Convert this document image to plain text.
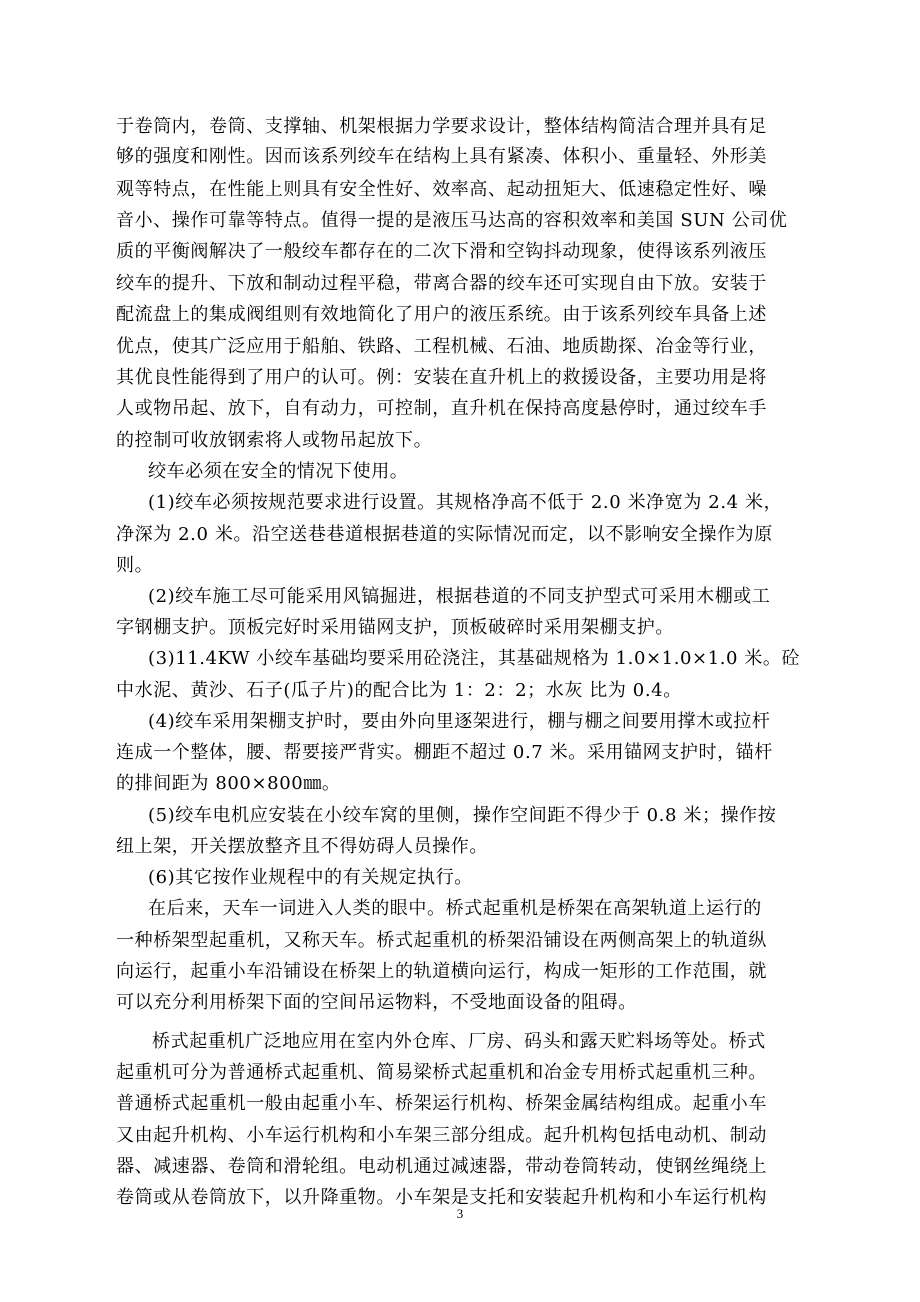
于卷筒内，卷筒、支撑轴、机架根据力学要求设计，整体结构简洁合理并具有足
够的强度和刚性。因而该系列绞车在结构上具有紧凑、体积小、重量轻、外形美
观等特点，在性能上则具有安全性好、效率高、起动扭矩大、低速稳定性好、噪
音小、操作可靠等特点。值得一提的是液压马达高的容积效率和美国 SUN 公司优
质的平衡阀解决了一般绞车都存在的二次下滑和空钩抖动现象，使得该系列液压
绞车的提升、下放和制动过程平稳，带离合器的绞车还可实现自由下放。安装于
配流盘上的集成阀组则有效地简化了用户的液压系统。由于该系列绞车具备上述
优点，使其广泛应用于船舶、铁路、工程机械、石油、地质勘探、冶金等行业，
其优良性能得到了用户的认可。例：安装在直升机上的救援设备，主要功用是将
人或物吊起、放下，自有动力，可控制，直升机在保持高度悬停时，通过绞车手
的控制可收放钢索将人或物吊起放下。
绞车必须在安全的情况下使用。
(1)绞车必须按规范要求进行设置。其规格净高不低于 2.0 米净宽为 2.4 米，
净深为 2.0 米。沿空送巷巷道根据巷道的实际情况而定，以不影响安全操作为原
则。
(2)绞车施工尽可能采用风镐掘进，根据巷道的不同支护型式可采用木棚或工
字钢棚支护。顶板完好时采用锚网支护，顶板破碎时采用架棚支护。
(3)11.4KW 小绞车基础均要采用砼浇注，其基础规格为 1.0×1.0×1.0 米。砼
中水泥、黄沙、石子(瓜子片)的配合比为 1：2：2；水灰 比为 0.4。
(4)绞车采用架棚支护时，要由外向里逐架进行，棚与棚之间要用撑木或拉杆
连成一个整体，腰、帮要接严背实。棚距不超过 0.7 米。采用锚网支护时，锚杆
的排间距为 800×800㎜。
(5)绞车电机应安装在小绞车窝的里侧，操作空间距不得少于 0.8 米；操作按
纽上架，开关摆放整齐且不得妨碍人员操作。
(6)其它按作业规程中的有关规定执行。
在后来，天车一词进入人类的眼中。桥式起重机是桥架在高架轨道上运行的
一种桥架型起重机，又称天车。桥式起重机的桥架沿铺设在两侧高架上的轨道纵
向运行，起重小车沿铺设在桥架上的轨道横向运行，构成一矩形的工作范围，就
可以充分利用桥架下面的空间吊运物料，不受地面设备的阻碍。
桥式起重机广泛地应用在室内外仓库、厂房、码头和露天贮料场等处。桥式
起重机可分为普通桥式起重机、简易梁桥式起重机和冶金专用桥式起重机三种。
普通桥式起重机一般由起重小车、桥架运行机构、桥架金属结构组成。起重小车
又由起升机构、小车运行机构和小车架三部分组成。起升机构包括电动机、制动
器、减速器、卷筒和滑轮组。电动机通过减速器，带动卷筒转动，使钢丝绳绕上
卷筒或从卷筒放下，以升降重物。小车架是支托和安装起升机构和小车运行机构
3
